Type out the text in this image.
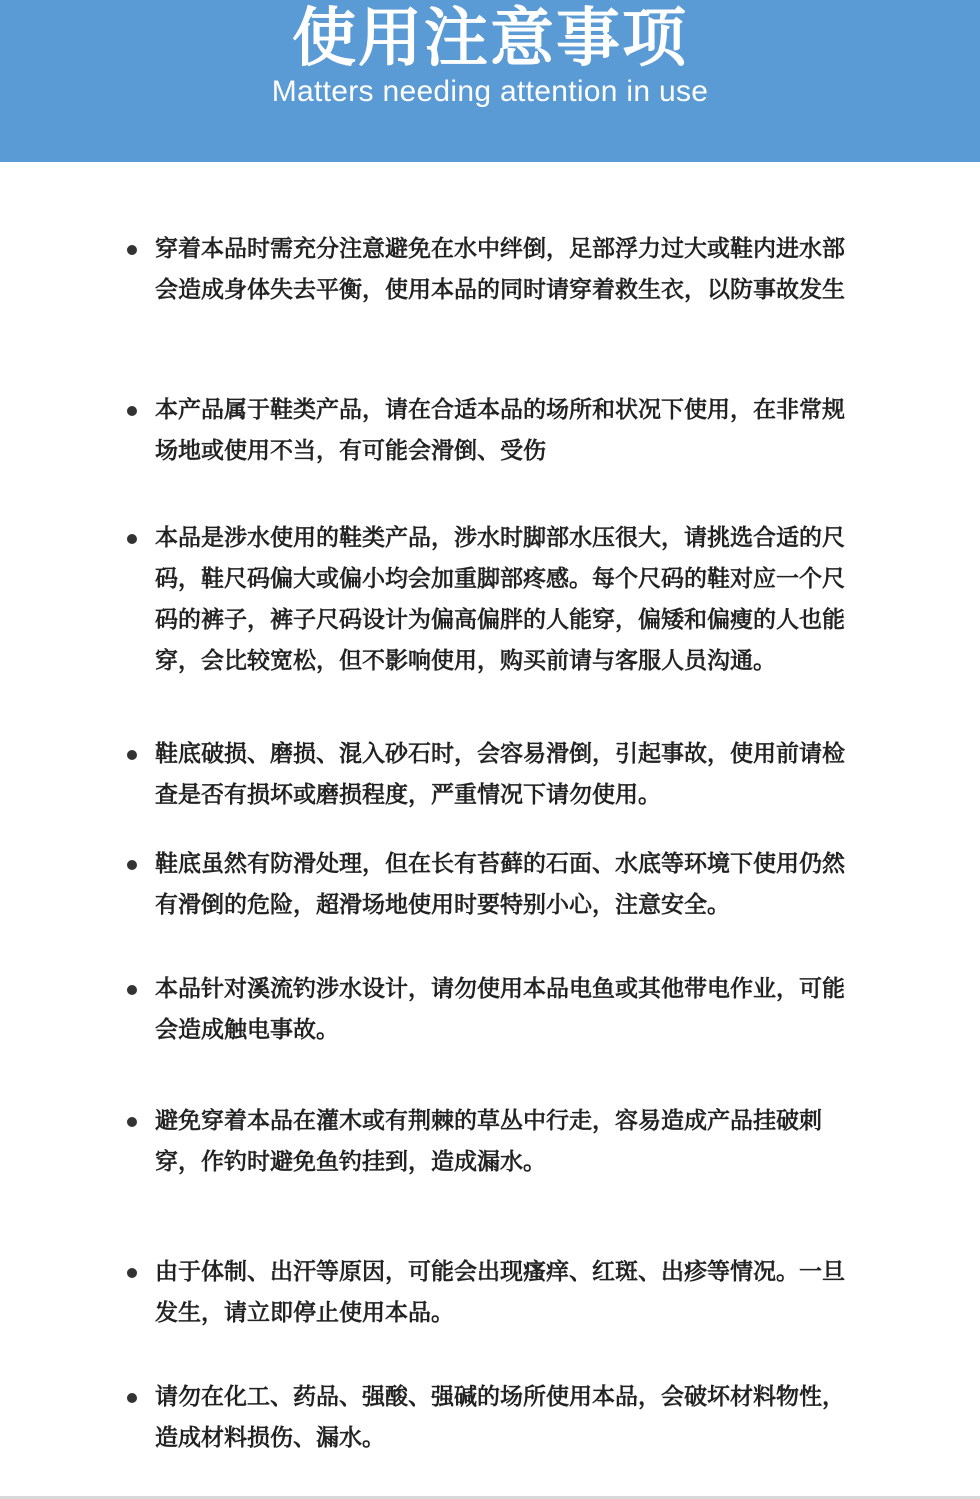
使用注意事项
Matters needing attention in use
穿着本品时需充分注意避免在水中绊倒，足部浮力过大或鞋内进水部会造成身体失去平衡，使用本品的同时请穿着救生衣，以防事故发生
本产品属于鞋类产品，请在合适本品的场所和状况下使用，在非常规场地或使用不当，有可能会滑倒、受伤
本品是涉水使用的鞋类产品，涉水时脚部水压很大，请挑选合适的尺码，鞋尺码偏大或偏小均会加重脚部疼感。每个尺码的鞋对应一个尺码的裤子，裤子尺码设计为偏高偏胖的人能穿，偏矮和偏瘦的人也能穿，会比较宽松，但不影响使用，购买前请与客服人员沟通。
鞋底破损、磨损、混入砂石时，会容易滑倒，引起事故，使用前请检查是否有损坏或磨损程度，严重情况下请勿使用。
鞋底虽然有防滑处理，但在长有苔藓的石面、水底等环境下使用仍然有滑倒的危险，超滑场地使用时要特别小心，注意安全。
本品针对溪流钓涉水设计，请勿使用本品电鱼或其他带电作业，可能会造成触电事故。
避免穿着本品在灌木或有荆棘的草丛中行走，容易造成产品挂破刺穿，作钓时避免鱼钓挂到，造成漏水。
由于体制、出汗等原因，可能会出现瘙痒、红斑、出疹等情况。一旦发生，请立即停止使用本品。
请勿在化工、药品、强酸、强碱的场所使用本品，会破坏材料物性，造成材料损伤、漏水。
